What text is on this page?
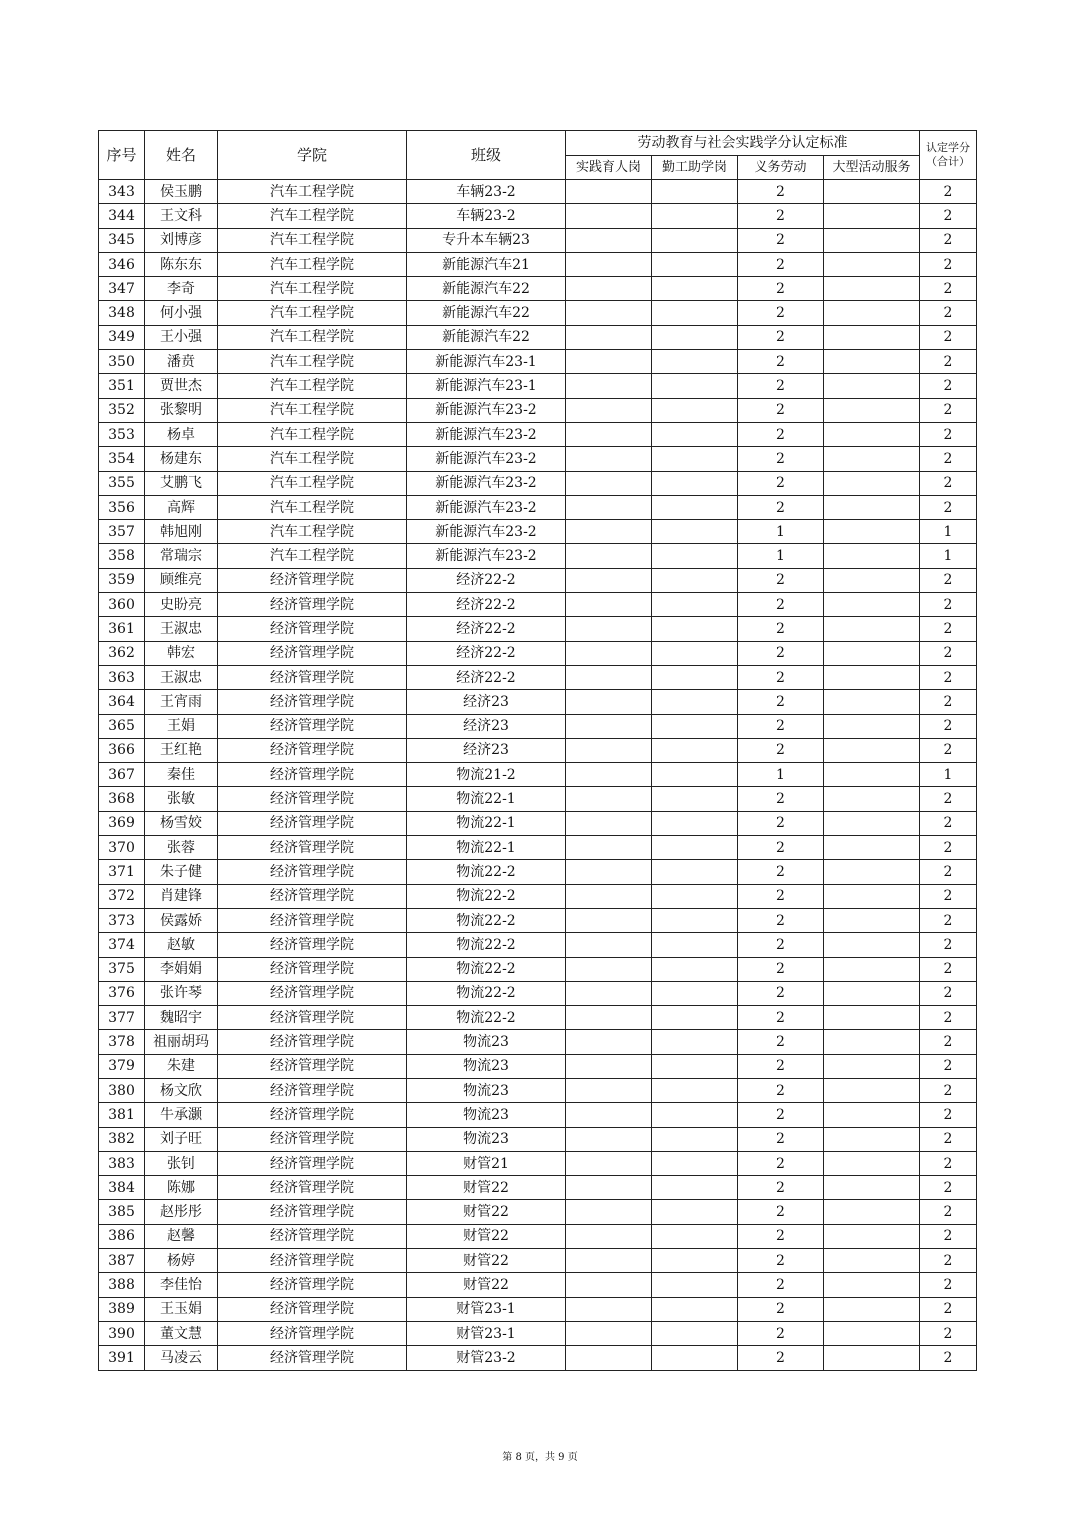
序号	姓名	学院	班级	劳动教育与社会实践学分认定标准				认定学分
（合计）

				实践育人岗	勤工助学岗	义务劳动	大型活动服务	
343	侯玉鹏	汽车工程学院	车辆23-2			2		2
344	王文科	汽车工程学院	车辆23-2			2		2
345	刘博彦	汽车工程学院	专升本车辆23			2		2
346	陈东东	汽车工程学院	新能源汽车21			2		2
347	李奇	汽车工程学院	新能源汽车22			2		2
348	何小强	汽车工程学院	新能源汽车22			2		2
349	王小强	汽车工程学院	新能源汽车22			2		2
350	潘贲	汽车工程学院	新能源汽车23-1			2		2
351	贾世杰	汽车工程学院	新能源汽车23-1			2		2
352	张黎明	汽车工程学院	新能源汽车23-2			2		2
353	杨卓	汽车工程学院	新能源汽车23-2			2		2
354	杨建东	汽车工程学院	新能源汽车23-2			2		2
355	艾鹏飞	汽车工程学院	新能源汽车23-2			2		2
356	高辉	汽车工程学院	新能源汽车23-2			2		2
357	韩旭刚	汽车工程学院	新能源汽车23-2			1		1
358	常瑞宗	汽车工程学院	新能源汽车23-2			1		1
359	顾维亮	经济管理学院	经济22-2			2		2
360	史盼亮	经济管理学院	经济22-2			2		2
361	王淑忠	经济管理学院	经济22-2			2		2
362	韩宏	经济管理学院	经济22-2			2		2
363	王淑忠	经济管理学院	经济22-2			2		2
364	王宵雨	经济管理学院	经济23			2		2
365	王娟	经济管理学院	经济23			2		2
366	王红艳	经济管理学院	经济23			2		2
367	秦佳	经济管理学院	物流21-2			1		1
368	张敏	经济管理学院	物流22-1			2		2
369	杨雪姣	经济管理学院	物流22-1			2		2
370	张蓉	经济管理学院	物流22-1			2		2
371	朱子健	经济管理学院	物流22-2			2		2
372	肖建锋	经济管理学院	物流22-2			2		2
373	侯露娇	经济管理学院	物流22-2			2		2
374	赵敏	经济管理学院	物流22-2			2		2
375	李娟娟	经济管理学院	物流22-2			2		2
376	张许琴	经济管理学院	物流22-2			2		2
377	魏昭宇	经济管理学院	物流22-2			2		2
378	祖丽胡玛	经济管理学院	物流23			2		2
379	朱建	经济管理学院	物流23			2		2
380	杨文欣	经济管理学院	物流23			2		2
381	牛承灏	经济管理学院	物流23			2		2
382	刘子旺	经济管理学院	物流23			2		2
383	张钊	经济管理学院	财管21			2		2
384	陈娜	经济管理学院	财管22			2		2
385	赵彤彤	经济管理学院	财管22			2		2
386	赵馨	经济管理学院	财管22			2		2
387	杨婷	经济管理学院	财管22			2		2
388	李佳怡	经济管理学院	财管22			2		2
389	王玉娟	经济管理学院	财管23-1			2		2
390	董文慧	经济管理学院	财管23-1			2		2
391	马凌云	经济管理学院	财管23-2			2		2
第 8 页，共 9 页
